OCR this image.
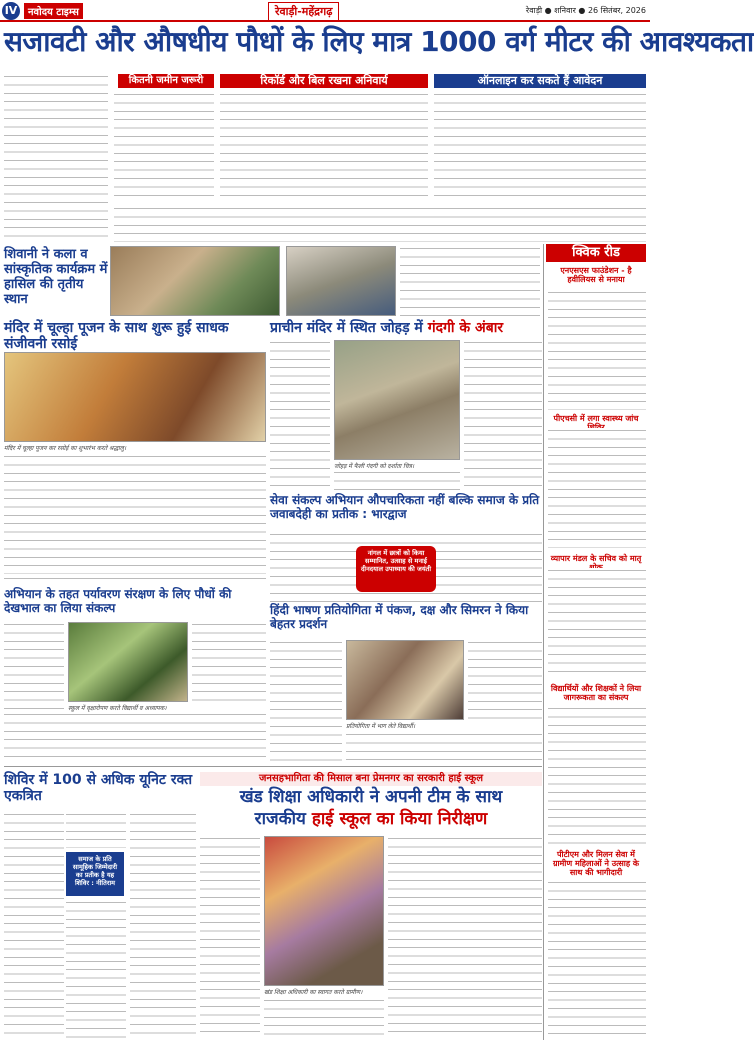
IV	नवोदय टाइम्स	रेवाड़ी-महेंद्रगढ़	रेवाड़ी ● शनिवार ● 26 सितंबर, 2026
सजावटी और औषधीय पौधों के लिए मात्र 1000 वर्ग मीटर की आवश्यकता
कितनी जमीन जरूरी	रिकॉर्ड और बिल रखना अनिवार्य	ऑनलाइन कर सकते हैं आवेदन
शिवानी ने कला व सांस्कृतिक कार्यक्रम में हासिल की तृतीय स्थान
क्विक रीड
एनएसएस फाउंडेशन - है हवीलियस से मनाया
पीएचसी में लगा स्वास्थ्य जांच
व्यापार मंडल के सचिव को मातृ
विद्यार्थियों और शिक्षकों ने लिया जागरूकता का संकल्प
पीटीएम और मिलन सेवा में ग्रामीण महिलाओं ने उत्साह के साथ की भागीदारी
मंदिर में चूल्हा पूजन के साथ शुरू हुई साधक संजीवनी रसोई
मंदिर में चूल्हा पूजन कर रसोई का शुभारंभ करते श्रद्धालु।
प्राचीन मंदिर में स्थित जोहड़ में गंदगी के अंबार
जोहड़ में फैली गंदगी को दर्शाता चित्र।
सेवा संकल्प अभियान औपचारिकता नहीं बल्कि समाज के प्रति जवाबदेही का प्रतीक : भारद्वाज
नांगल में छात्रों को किया सम्मानित, उत्साह से मनाई दीनदयाल उपाध्याय की जयंती
अभियान के तहत पर्यावरण संरक्षण के लिए पौधों की देखभाल का लिया संकल्प
स्कूल में वृक्षारोपण करते विद्यार्थी व अध्यापक।
हिंदी भाषण प्रतियोगिता में पंकज, दक्ष और सिमरन ने किया बेहतर प्रदर्शन
प्रतियोगिता में भाग लेते विद्यार्थी।
शिविर में 100 से अधिक यूनिट रक्त एकत्रित
समाज के प्रति सामूहिक जिम्मेदारी का प्रतीक है यह शिविर : नीतिराम
जनसहभागिता की मिसाल बना प्रेमनगर का सरकारी हाई स्कूल
खंड शिक्षा अधिकारी ने अपनी टीम के साथ
राजकीय हाई स्कूल का किया निरीक्षण
खंड शिक्षा अधिकारी का स्वागत करते ग्रामीण।
